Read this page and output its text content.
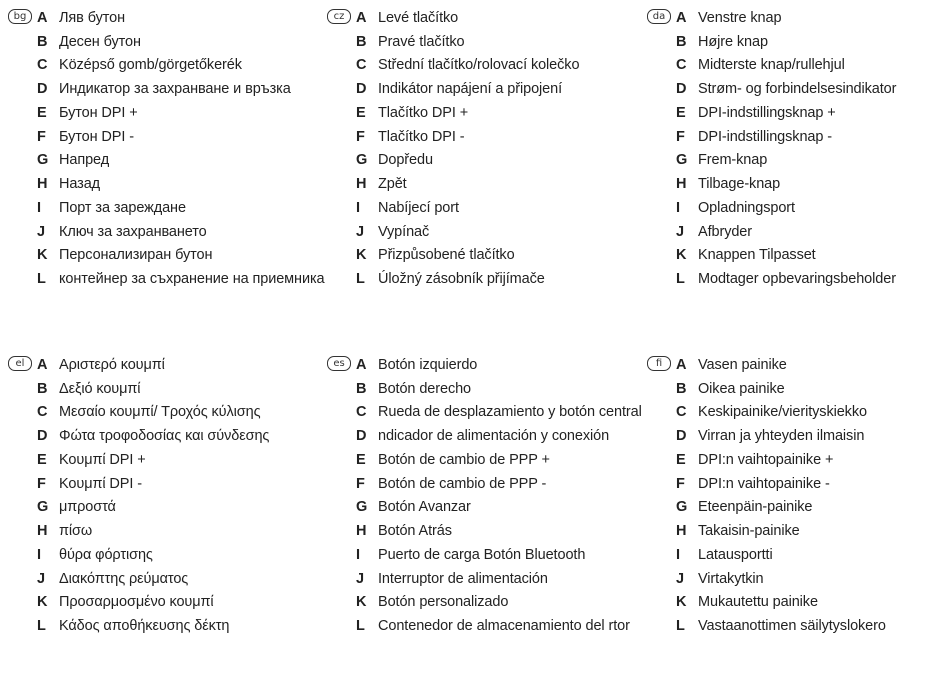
bg A Ляв бутон
B Десен бутон
C Középső gomb/görgetőkerék
D Индикатор за захранване и връзка
E Бутон DPI +
F Бутон DPI -
G Напред
H Назад
I	Порт за зареждане
J Ключ за захранването
K Персонализиран бутон
L контейнер за съхранение на приемника
cz A Levé tlačítko
B Pravé tlačítko
C Střední tlačítko/rolovací kolečko
D Indikátor napájení a připojení
E Tlačítko DPI +
F Tlačítko DPI -
G Dopředu
H Zpět
I	Nabíjecí port
J Vypínač
K Přizpůsobené tlačítko
L Úložný zásobník přijímače
da A Venstre knap
B Højre knap
C Midterste knap/rullehjul
D Strøm- og forbindelsesindikator
E DPI-indstillingsknap +
F DPI-indstillingsknap -
G Frem-knap
H Tilbage-knap
I	Opladningsport
J Afbryder
K Knappen Tilpasset
L Modtager opbevaringsbeholder
el A Αριστερό κουμπί
B Δεξιό κουμπί
C Μεσαίο κουμπί/ Τροχός κύλισης
D Φώτα τροφοδοσίας και σύνδεσης
E Κουμπί DPI +
F Κουμπί DPI -
G μπροστά
H πίσω
I	θύρα φόρτισης
J Διακόπτης ρεύματος
K Προσαρμοσμένο κουμπί
L Κάδος αποθήκευσης δέκτη
es A Botón izquierdo
B Botón derecho
C Rueda de desplazamiento y botón central
D ndicador de alimentación y conexión
E Botón de cambio de PPP +
F Botón de cambio de PPP -
G Botón Avanzar
H Botón Atrás
I	Puerto de carga Botón Bluetooth
J Interruptor de alimentación
K Botón personalizado
L Contenedor de almacenamiento del rtor
fi A Vasen painike
B Oikea painike
C Keskipainike/vierityskiekko
D Virran ja yhteyden ilmaisin
E DPI:n vaihtopainike +
F DPI:n vaihtopainike -
G Eteenpäin-painike
H Takaisin-painike
I	Latausportti
J Virtakytkin
K Mukautettu painike
L Vastaanottimen säilytyslokero
